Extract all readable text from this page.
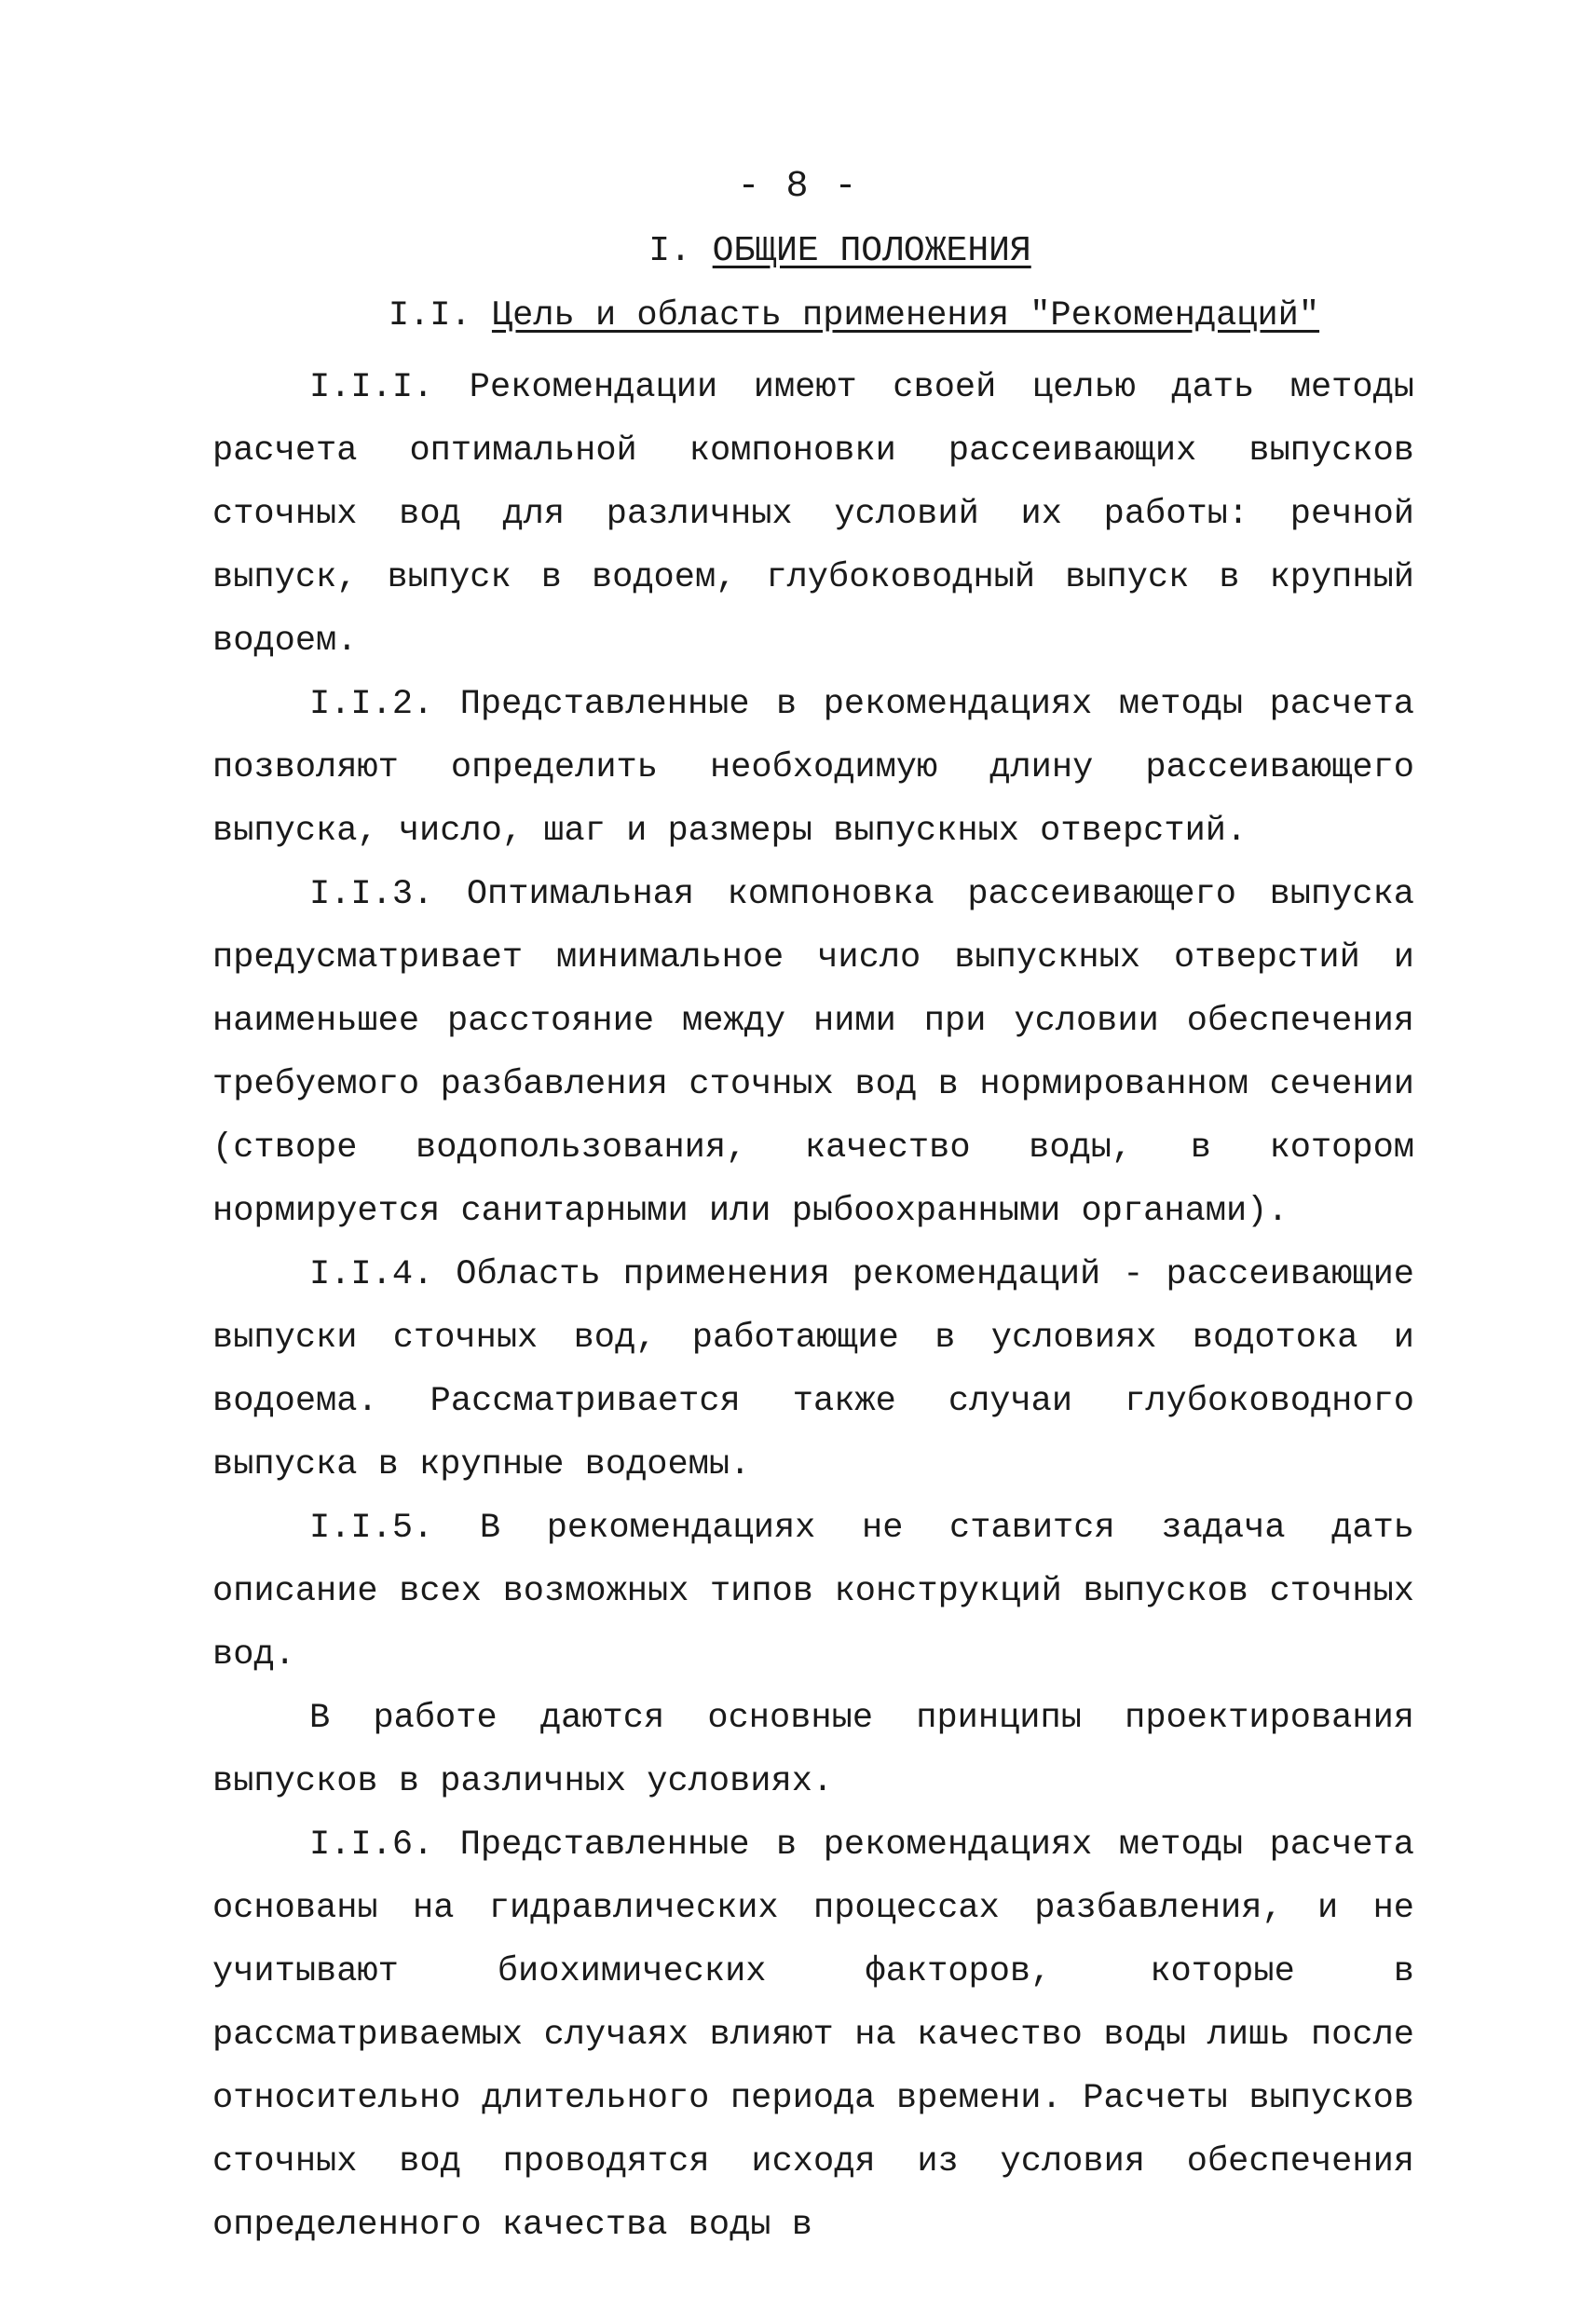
- 8 -
I. ОБЩИЕ ПОЛОЖЕНИЯ
I.I. Цель и область применения "Рекомендаций"

I.I.I. Рекомендации имеют своей целью дать методы расчета оптимальной компоновки рассеивающих выпусков сточных вод для различных условий их работы: речной выпуск, выпуск в водоем, глубоководный выпуск в крупный водоем.

I.I.2. Представленные в рекомендациях методы расчета позволяют определить необходимую длину рассеивающего выпуска, число, шаг и размеры выпускных отверстий.

I.I.3. Оптимальная компоновка рассеивающего выпуска предусматривает минимальное число выпускных отверстий и наименьшее расстояние между ними при условии обеспечения требуемого разбавления сточных вод в нормированном сечении (створе водопользования, качество воды, в котором нормируется санитарными или рыбоохранными органами).

I.I.4. Область применения рекомендаций - рассеивающие выпуски сточных вод, работающие в условиях водотока и водоема. Рассматривается также случаи глубоководного выпуска в крупные водоемы.

I.I.5. В рекомендациях не ставится задача дать описание всех возможных типов конструкций выпусков сточных вод.

В работе даются основные принципы проектирования выпусков в различных условиях.

I.I.6. Представленные в рекомендациях методы расчета основаны на гидравлических процессах разбавления, и не учитывают биохимических факторов, которые в рассматриваемых случаях влияют на качество воды лишь после относительно длительного периода времени. Расчеты выпусков сточных вод проводятся исходя из условия обеспечения определенного качества воды в
